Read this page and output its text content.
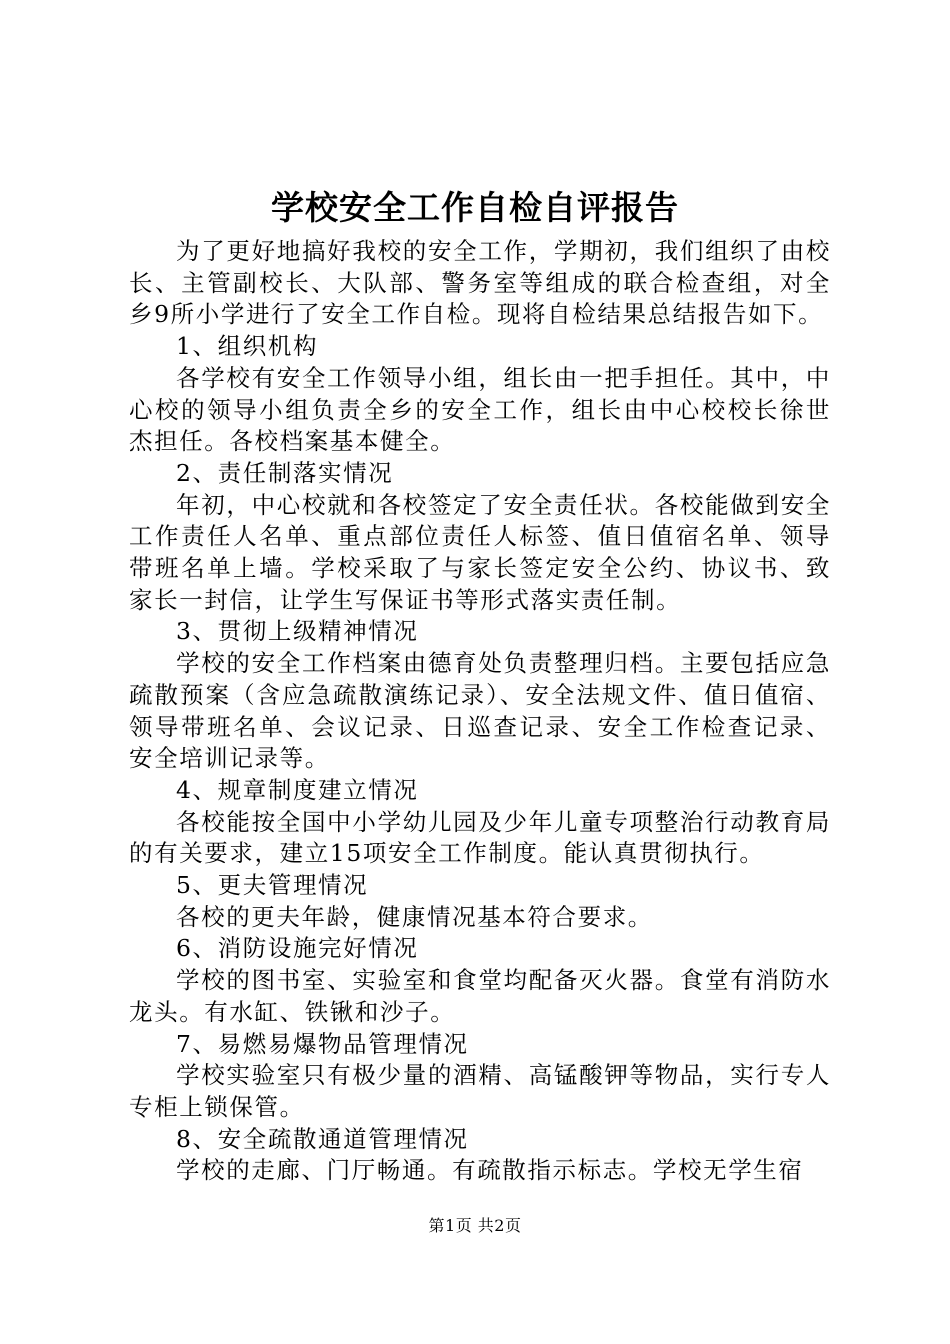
学校安全工作自检自评报告

为了更好地搞好我校的安全工作，学期初，我们组织了由校长、主管副校长、大队部、警务室等组成的联合检查组，对全乡9所小学进行了安全工作自检。现将自检结果总结报告如下。

1、组织机构

各学校有安全工作领导小组，组长由一把手担任。其中，中心校的领导小组负责全乡的安全工作，组长由中心校校长徐世杰担任。各校档案基本健全。

2、责任制落实情况

年初，中心校就和各校签定了安全责任状。各校能做到安全工作责任人名单、重点部位责任人标签、值日值宿名单、领导带班名单上墙。学校采取了与家长签定安全公约、协议书、致家长一封信，让学生写保证书等形式落实责任制。

3、贯彻上级精神情况

学校的安全工作档案由德育处负责整理归档。主要包括应急疏散预案（含应急疏散演练记录）、安全法规文件、值日值宿、领导带班名单、会议记录、日巡查记录、安全工作检查记录、安全培训记录等。

4、规章制度建立情况

各校能按全国中小学幼儿园及少年儿童专项整治行动教育局的有关要求，建立15项安全工作制度。能认真贯彻执行。

5、更夫管理情况

各校的更夫年龄，健康情况基本符合要求。

6、消防设施完好情况

学校的图书室、实验室和食堂均配备灭火器。食堂有消防水龙头。有水缸、铁锹和沙子。

7、易燃易爆物品管理情况

学校实验室只有极少量的酒精、高锰酸钾等物品，实行专人专柜上锁保管。

8、安全疏散通道管理情况

学校的走廊、门厅畅通。有疏散指示标志。学校无学生宿

第1页 共2页
